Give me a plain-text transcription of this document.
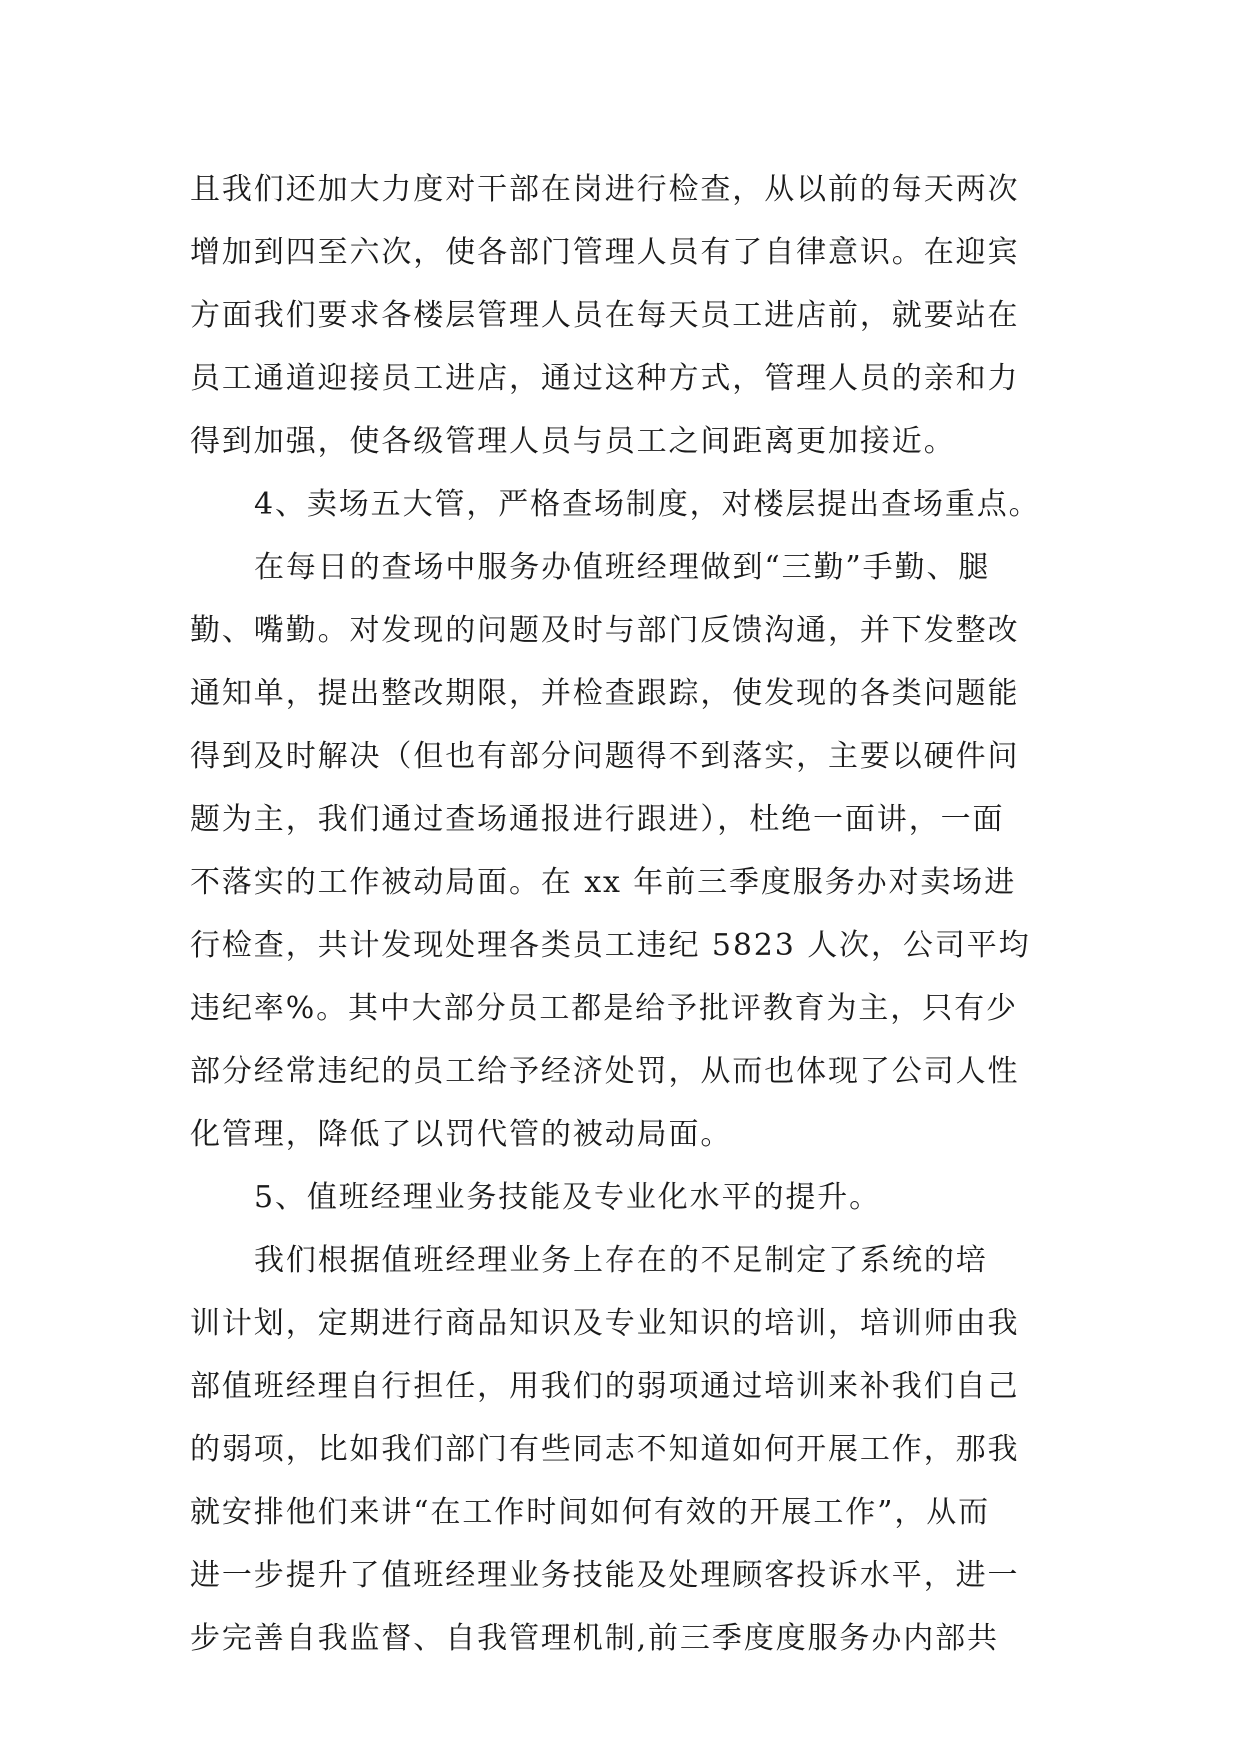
且我们还加大力度对干部在岗进行检查，从以前的每天两次
增加到四至六次，使各部门管理人员有了自律意识。在迎宾
方面我们要求各楼层管理人员在每天员工进店前，就要站在
员工通道迎接员工进店，通过这种方式，管理人员的亲和力
得到加强，使各级管理人员与员工之间距离更加接近。
4、卖场五大管，严格查场制度，对楼层提出查场重点。
在每日的查场中服务办值班经理做到“三勤”手勤、腿
勤、嘴勤。对发现的问题及时与部门反馈沟通，并下发整改
通知单，提出整改期限，并检查跟踪，使发现的各类问题能
得到及时解决（但也有部分问题得不到落实，主要以硬件问
题为主，我们通过查场通报进行跟进），杜绝一面讲，一面
不落实的工作被动局面。在 xx 年前三季度服务办对卖场进
行检查，共计发现处理各类员工违纪 5823 人次，公司平均
违纪率%。其中大部分员工都是给予批评教育为主，只有少
部分经常违纪的员工给予经济处罚，从而也体现了公司人性
化管理，降低了以罚代管的被动局面。
5、值班经理业务技能及专业化水平的提升。
我们根据值班经理业务上存在的不足制定了系统的培
训计划，定期进行商品知识及专业知识的培训，培训师由我
部值班经理自行担任，用我们的弱项通过培训来补我们自己
的弱项，比如我们部门有些同志不知道如何开展工作，那我
就安排他们来讲“在工作时间如何有效的开展工作”，从而
进一步提升了值班经理业务技能及处理顾客投诉水平，进一
步完善自我监督、自我管理机制,前三季度度服务办内部共
